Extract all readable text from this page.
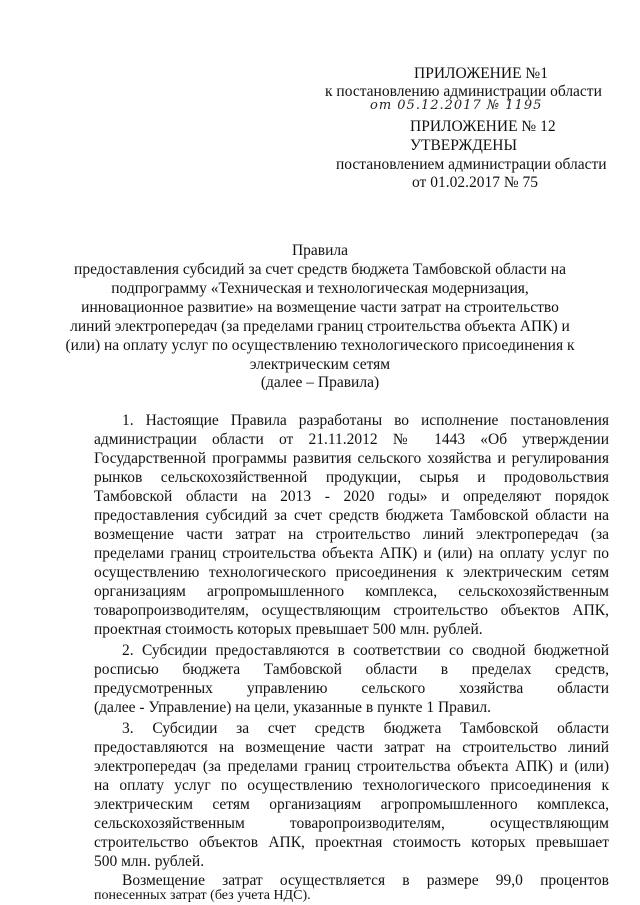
ПРИЛОЖЕНИЕ №1
к постановлению администрации области
от 05.12.2017 № 1195
ПРИЛОЖЕНИЕ № 12
УТВЕРЖДЕНЫ
постановлением администрации области
от 01.02.2017 № 75
Правила
предоставления субсидий за счет средств бюджета Тамбовской области на
подпрограмму «Техническая и технологическая модернизация,
инновационное развитие» на возмещение части затрат на строительство
линий электропередач (за пределами границ строительства объекта АПК) и
(или) на оплату услуг по осуществлению технологического присоединения к
электрическим сетям
(далее – Правила)
1. Настоящие Правила разработаны во исполнение постановления
администрации области от 21.11.2012 № 1443 «Об утверждении
Государственной программы развития сельского хозяйства и регулирования
рынков сельскохозяйственной продукции, сырья и продовольствия
Тамбовской области на 2013 - 2020 годы» и определяют порядок
предоставления субсидий за счет средств бюджета Тамбовской области на
возмещение части затрат на строительство линий электропередач (за
пределами границ строительства объекта АПК) и (или) на оплату услуг по
осуществлению технологического присоединения к электрическим сетям
организациям агропромышленного комплекса, сельскохозяйственным
товаропроизводителям, осуществляющим строительство объектов АПК,
проектная стоимость которых превышает 500 млн. рублей.
2. Субсидии предоставляются в соответствии со сводной бюджетной
росписью бюджета Тамбовской области в пределах средств,
предусмотренных управлению сельского хозяйства области
(далее - Управление) на цели, указанные в пункте 1 Правил.
3. Субсидии за счет средств бюджета Тамбовской области
предоставляются на возмещение части затрат на строительство линий
электропередач (за пределами границ строительства объекта АПК) и (или)
на оплату услуг по осуществлению технологического присоединения к
электрическим сетям организациям агропромышленного комплекса,
сельскохозяйственным товаропроизводителям, осуществляющим
строительство объектов АПК, проектная стоимость которых превышает
500 млн. рублей.
Возмещение затрат осуществляется в размере 99,0 процентов
понесенных затрат (без учета НДС).
